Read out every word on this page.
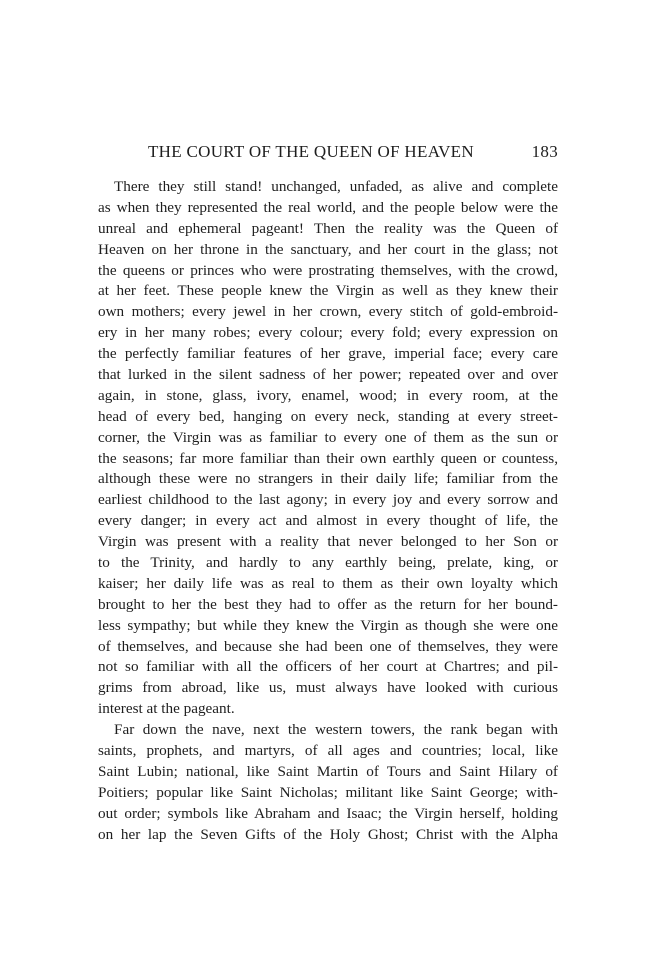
THE COURT OF THE QUEEN OF HEAVEN	183
There they still stand! unchanged, unfaded, as alive and complete
as when they represented the real world, and the people below were the
unreal and ephemeral pageant! Then the reality was the Queen of
Heaven on her throne in the sanctuary, and her court in the glass; not
the queens or princes who were prostrating themselves, with the crowd,
at her feet. These people knew the Virgin as well as they knew their
own mothers; every jewel in her crown, every stitch of gold-embroid-
ery in her many robes; every colour; every fold; every expression on
the perfectly familiar features of her grave, imperial face; every care
that lurked in the silent sadness of her power; repeated over and over
again, in stone, glass, ivory, enamel, wood; in every room, at the
head of every bed, hanging on every neck, standing at every street-
corner, the Virgin was as familiar to every one of them as the sun or
the seasons; far more familiar than their own earthly queen or countess,
although these were no strangers in their daily life; familiar from the
earliest childhood to the last agony; in every joy and every sorrow and
every danger; in every act and almost in every thought of life, the
Virgin was present with a reality that never belonged to her Son or
to the Trinity, and hardly to any earthly being, prelate, king, or
kaiser; her daily life was as real to them as their own loyalty which
brought to her the best they had to offer as the return for her bound-
less sympathy; but while they knew the Virgin as though she were one
of themselves, and because she had been one of themselves, they were
not so familiar with all the officers of her court at Chartres; and pil-
grims from abroad, like us, must always have looked with curious
interest at the pageant.
Far down the nave, next the western towers, the rank began with
saints, prophets, and martyrs, of all ages and countries; local, like
Saint Lubin; national, like Saint Martin of Tours and Saint Hilary of
Poitiers; popular like Saint Nicholas; militant like Saint George; with-
out order; symbols like Abraham and Isaac; the Virgin herself, holding
on her lap the Seven Gifts of the Holy Ghost; Christ with the Alpha
